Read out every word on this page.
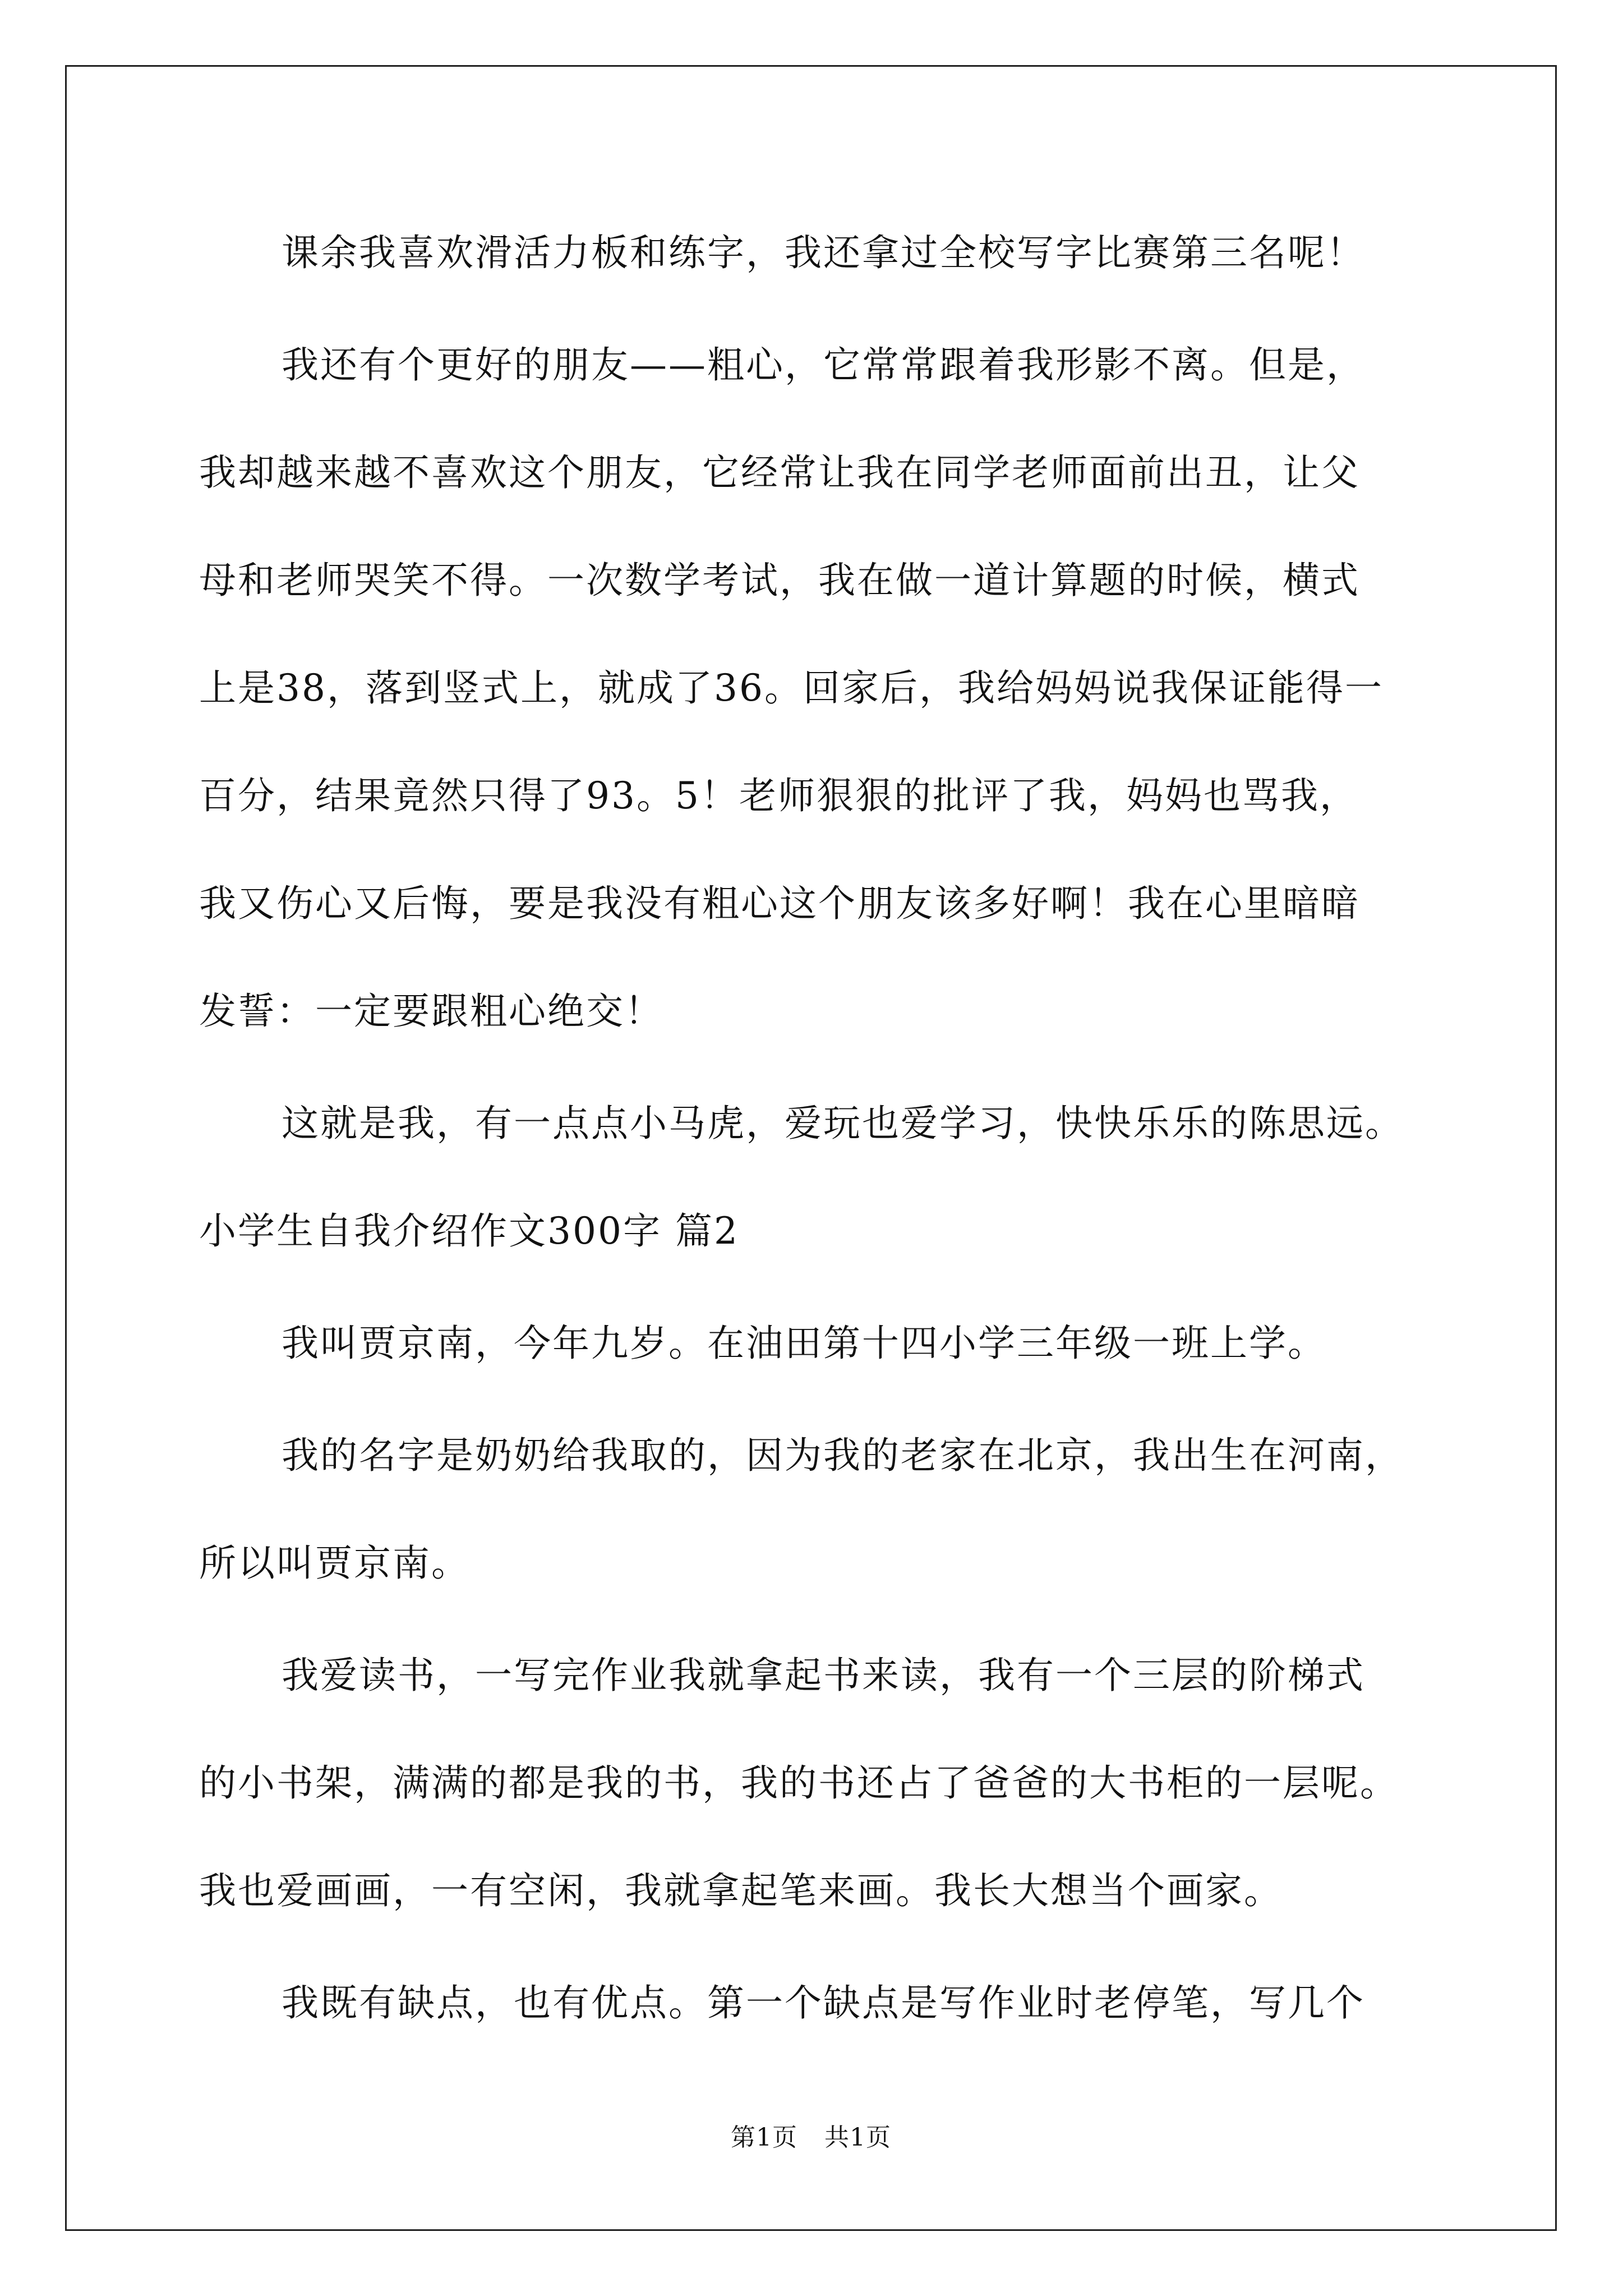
课余我喜欢滑活力板和练字，我还拿过全校写字比赛第三名呢！
我还有个更好的朋友——粗心，它常常跟着我形影不离。但是，
我却越来越不喜欢这个朋友，它经常让我在同学老师面前出丑，让父
母和老师哭笑不得。一次数学考试，我在做一道计算题的时候，横式
上是38，落到竖式上，就成了36。回家后，我给妈妈说我保证能得一
百分，结果竟然只得了93。5！老师狠狠的批评了我，妈妈也骂我，
我又伤心又后悔，要是我没有粗心这个朋友该多好啊！我在心里暗暗
发誓：一定要跟粗心绝交！
这就是我，有一点点小马虎，爱玩也爱学习，快快乐乐的陈思远。
小学生自我介绍作文300字 篇2
我叫贾京南，今年九岁。在油田第十四小学三年级一班上学。
我的名字是奶奶给我取的，因为我的老家在北京，我出生在河南，
所以叫贾京南。
我爱读书，一写完作业我就拿起书来读，我有一个三层的阶梯式
的小书架，满满的都是我的书，我的书还占了爸爸的大书柜的一层呢。
我也爱画画，一有空闲，我就拿起笔来画。我长大想当个画家。
我既有缺点，也有优点。第一个缺点是写作业时老停笔，写几个
第1页 共1页
